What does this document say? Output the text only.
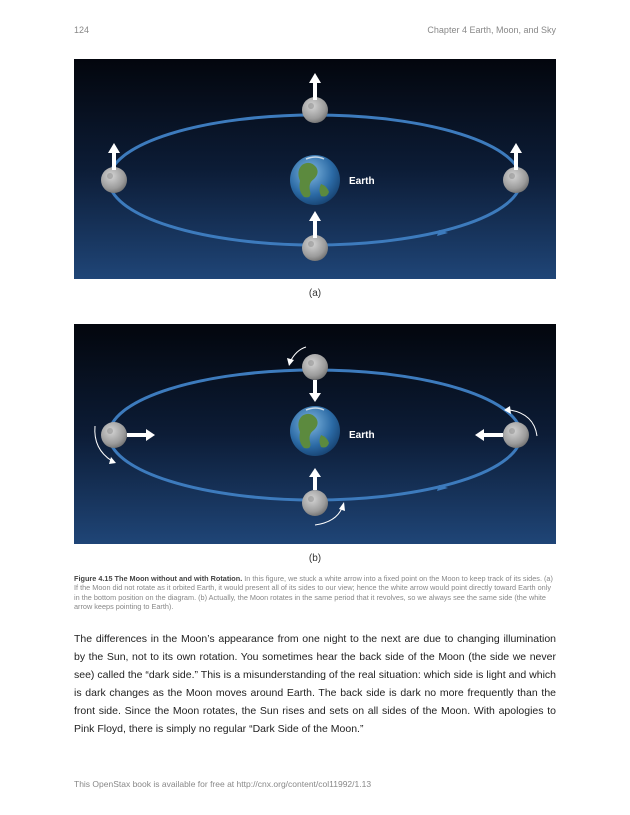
124	Chapter 4 Earth, Moon, and Sky
Earth
(a)
Earth
(b)
Figure 4.15 The Moon without and with Rotation. In this figure, we stuck a white arrow into a fixed point on the Moon to keep track of its sides. (a) If the Moon did not rotate as it orbited Earth, it would present all of its sides to our view; hence the white arrow would point directly toward Earth only in the bottom position on the diagram. (b) Actually, the Moon rotates in the same period that it revolves, so we always see the same side (the white arrow keeps pointing to Earth).
The differences in the Moon’s appearance from one night to the next are due to changing illumination by the Sun, not to its own rotation. You sometimes hear the back side of the Moon (the side we never see) called the “dark side.” This is a misunderstanding of the real situation: which side is light and which is dark changes as the Moon moves around Earth. The back side is dark no more frequently than the front side. Since the Moon rotates, the Sun rises and sets on all sides of the Moon. With apologies to Pink Floyd, there is simply no regular “Dark Side of the Moon.”
This OpenStax book is available for free at http://cnx.org/content/col11992/1.13
